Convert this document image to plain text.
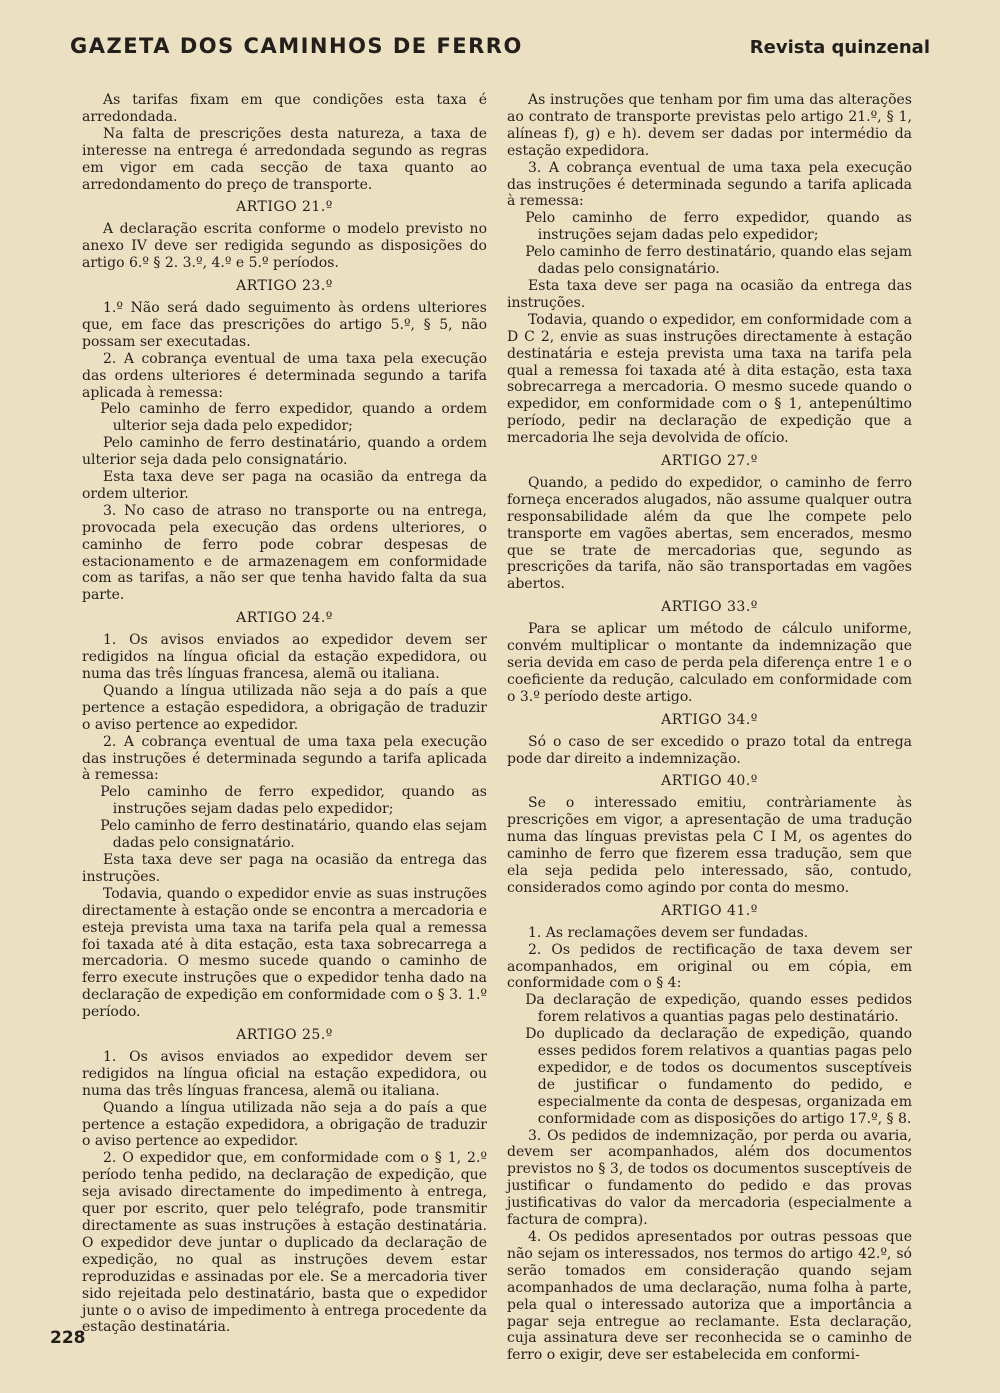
GAZETA DOS CAMINHOS DE FERRO	Revista quinzenal

As tarifas fixam em que condições esta taxa é arredondada.

Na falta de prescrições desta natureza, a taxa de interesse na entrega é arredondada segundo as regras em vigor em cada secção de taxa quanto ao arredondamento do preço de transporte.

ARTIGO 21.º

A declaração escrita conforme o modelo previsto no anexo IV deve ser redigida segundo as disposições do artigo 6.º § 2. 3.º, 4.º e 5.º períodos.

ARTIGO 23.º

1.º Não será dado seguimento às ordens ulteriores que, em face das prescrições do artigo 5.º, § 5, não possam ser executadas.

2. A cobrança eventual de uma taxa pela execução das ordens ulteriores é determinada segundo a tarifa aplicada à remessa:

Pelo caminho de ferro expedidor, quando a ordem ulterior seja dada pelo expedidor;

Pelo caminho de ferro destinatário, quando a ordem ulterior seja dada pelo consignatário.

Esta taxa deve ser paga na ocasião da entrega da ordem ulterior.

3. No caso de atraso no transporte ou na entrega, provocada pela execução das ordens ulteriores, o caminho de ferro pode cobrar despesas de estacionamento e de armazenagem em conformidade com as tarifas, a não ser que tenha havido falta da sua parte.

ARTIGO 24.º

1. Os avisos enviados ao expedidor devem ser redigidos na língua oficial da estação expedidora, ou numa das três línguas francesa, alemã ou italiana.

Quando a língua utilizada não seja a do país a que pertence a estação espedidora, a obrigação de traduzir o aviso pertence ao expedidor.

2. A cobrança eventual de uma taxa pela execução das instruções é determinada segundo a tarifa aplicada à remessa:

Pelo caminho de ferro expedidor, quando as instruções sejam dadas pelo expedidor;

Pelo caminho de ferro destinatário, quando elas sejam dadas pelo consignatário.

Esta taxa deve ser paga na ocasião da entrega das instruções.

Todavia, quando o expedidor envie as suas instruções directamente à estação onde se encontra a mercadoria e esteja prevista uma taxa na tarifa pela qual a remessa foi taxada até à dita estação, esta taxa sobrecarrega a mercadoria. O mesmo sucede quando o caminho de ferro execute instruções que o expedidor tenha dado na declaração de expedição em conformidade com o § 3. 1.º período.

ARTIGO 25.º

1. Os avisos enviados ao expedidor devem ser redigidos na língua oficial na estação expedidora, ou numa das três línguas francesa, alemã ou italiana.

Quando a língua utilizada não seja a do país a que pertence a estação expedidora, a obrigação de traduzir o aviso pertence ao expedidor.

2. O expedidor que, em conformidade com o § 1, 2.º período tenha pedido, na declaração de expedição, que seja avisado directamente do impedimento à entrega, quer por escrito, quer pelo telégrafo, pode transmitir directamente as suas instruções à estação destinatária. O expedidor deve juntar o duplicado da declaração de expedição, no qual as instruções devem estar reproduzidas e assinadas por ele. Se a mercadoria tiver sido rejeitada pelo destinatário, basta que o expedidor junte o o aviso de impedimento à entrega procedente da estação destinatária.

As instruções que tenham por fim uma das alterações ao contrato de transporte previstas pelo artigo 21.º, § 1, alíneas f), g) e h). devem ser dadas por intermédio da estação expedidora.

3. A cobrança eventual de uma taxa pela execução das instruções é determinada segundo a tarifa aplicada à remessa:

Pelo caminho de ferro expedidor, quando as instruções sejam dadas pelo expedidor;

Pelo caminho de ferro destinatário, quando elas sejam dadas pelo consignatário.

Esta taxa deve ser paga na ocasião da entrega das instruções.

Todavia, quando o expedidor, em conformidade com a D C 2, envie as suas instruções directamente à estação destinatária e esteja prevista uma taxa na tarifa pela qual a remessa foi taxada até à dita estação, esta taxa sobrecarrega a mercadoria. O mesmo sucede quando o expedidor, em conformidade com o § 1, antepenúltimo período, pedir na declaração de expedição que a mercadoria lhe seja devolvida de ofício.

ARTIGO 27.º

Quando, a pedido do expedidor, o caminho de ferro forneça encerados alugados, não assume qualquer outra responsabilidade além da que lhe compete pelo transporte em vagões abertas, sem encerados, mesmo que se trate de mercadorias que, segundo as prescrições da tarifa, não são transportadas em vagões abertos.

ARTIGO 33.º

Para se aplicar um método de cálculo uniforme, convém multiplicar o montante da indemnização que seria devida em caso de perda pela diferença entre 1 e o coeficiente da redução, calculado em conformidade com o 3.º período deste artigo.

ARTIGO 34.º

Só o caso de ser excedido o prazo total da entrega pode dar direito a indemnização.

ARTIGO 40.º

Se o interessado emitiu, contràriamente às prescrições em vigor, a apresentação de uma tradução numa das línguas previstas pela C I M, os agentes do caminho de ferro que fizerem essa tradução, sem que ela seja pedida pelo interessado, são, contudo, considerados como agindo por conta do mesmo.

ARTIGO 41.º

1. As reclamações devem ser fundadas.

2. Os pedidos de rectificação de taxa devem ser acompanhados, em original ou em cópia, em conformidade com o § 4:

Da declaração de expedição, quando esses pedidos forem relativos a quantias pagas pelo destinatário.

Do duplicado da declaração de expedição, quando esses pedidos forem relativos a quantias pagas pelo expedidor, e de todos os documentos susceptíveis de justificar o fundamento do pedido, e especialmente da conta de despesas, organizada em conformidade com as disposições do artigo 17.º, § 8.

3. Os pedidos de indemnização, por perda ou avaria, devem ser acompanhados, além dos documentos previstos no § 3, de todos os documentos susceptíveis de justificar o fundamento do pedido e das provas justificativas do valor da mercadoria (especialmente a factura de compra).

4. Os pedidos apresentados por outras pessoas que não sejam os interessados, nos termos do artigo 42.º, só serão tomados em consideração quando sejam acompanhados de uma declaração, numa folha à parte, pela qual o interessado autoriza que a importância a pagar seja entregue ao reclamante. Esta declaração, cuja assinatura deve ser reconhecida se o caminho de ferro o exigir, deve ser estabelecida em conformi-

228
